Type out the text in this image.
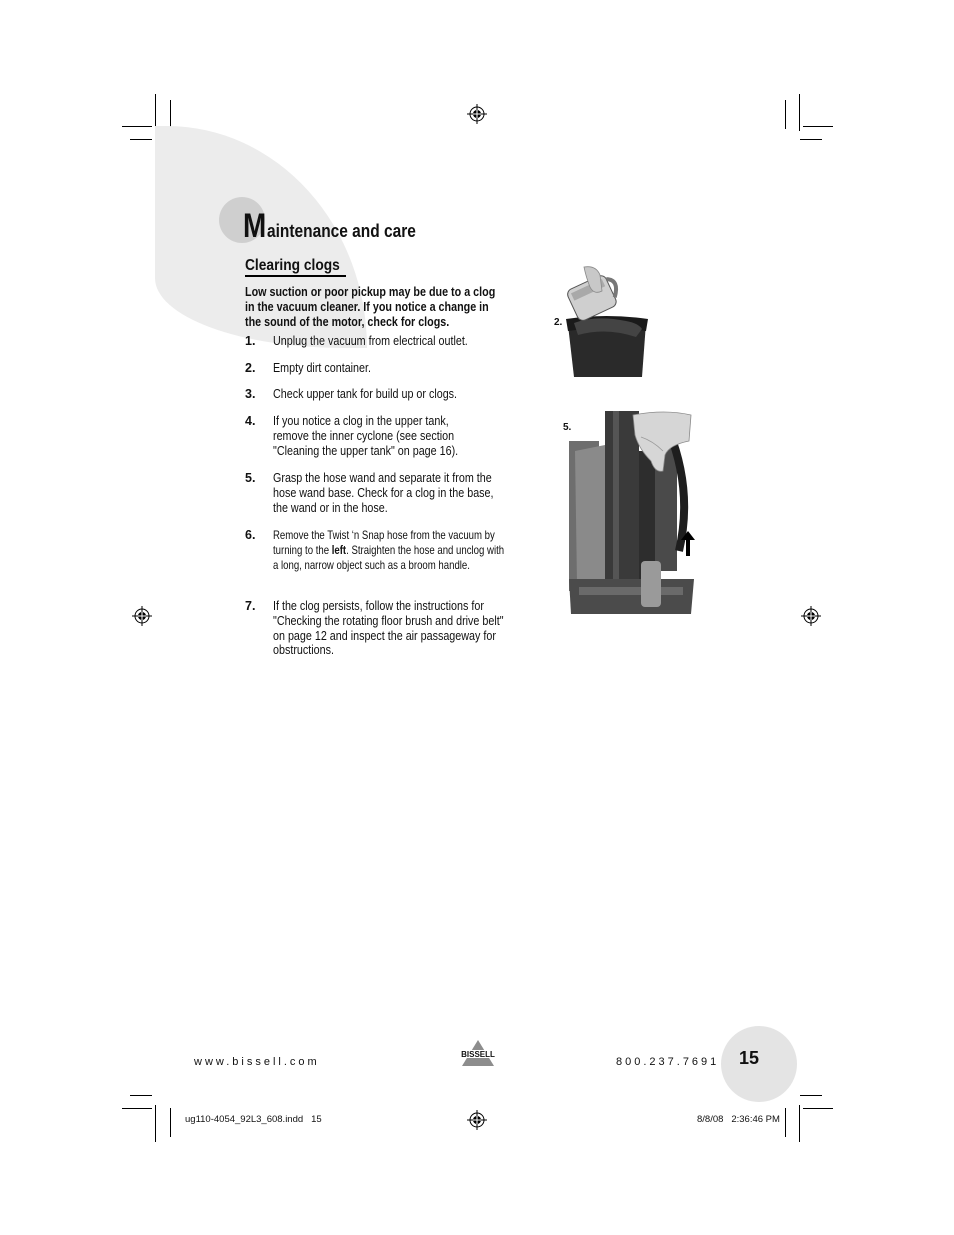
Maintenance and care
Clearing clogs
Low suction or poor pickup may be due to a clog in the vacuum cleaner. If you notice a change in the sound of the motor, check for clogs.
1. Unplug the vacuum from electrical outlet.
2. Empty dirt container.
3. Check upper tank for build up or clogs.
4. If you notice a clog in the upper tank, remove the inner cyclone (see section "Cleaning the upper tank" on page 16).
5. Grasp the hose wand and separate it from the hose wand base. Check for a clog in the base, the wand or in the hose.
6. Remove the Twist ‘n Snap hose from the vacuum by turning to the left. Straighten the hose and unclog with a long, narrow object such as a broom handle.
7. If the clog persists, follow the instructions for "Checking the rotating floor brush and drive belt" on page 12 and inspect the air passageway for obstructions.
2.
5.
www.bissell.com
BISSELL
800.237.7691 15
ug110-4054_92L3_608.indd   15	8/8/08   2:36:46 PM
